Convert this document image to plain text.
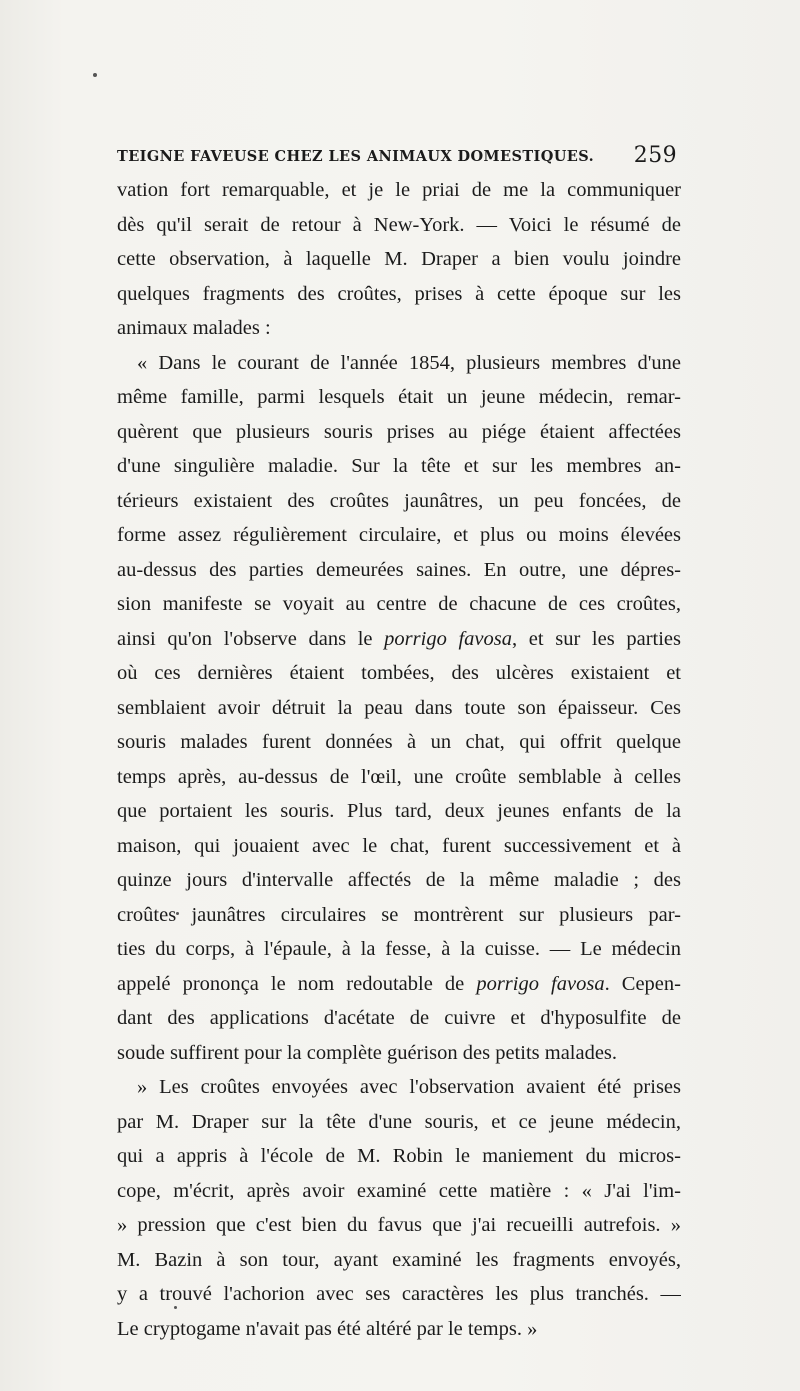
TEIGNE FAVEUSE CHEZ LES ANIMAUX DOMESTIQUES. 259
vation fort remarquable, et je le priai de me la communiquer
dès qu'il serait de retour à New-York. — Voici le résumé de
cette observation, à laquelle M. Draper a bien voulu joindre
quelques fragments des croûtes, prises à cette époque sur les
animaux malades :
« Dans le courant de l'année 1854, plusieurs membres d'une
même famille, parmi lesquels était un jeune médecin, remar-
quèrent que plusieurs souris prises au piége étaient affectées
d'une singulière maladie. Sur la tête et sur les membres an-
térieurs existaient des croûtes jaunâtres, un peu foncées, de
forme assez régulièrement circulaire, et plus ou moins élevées
au-dessus des parties demeurées saines. En outre, une dépres-
sion manifeste se voyait au centre de chacune de ces croûtes,
ainsi qu'on l'observe dans le porrigo favosa, et sur les parties
où ces dernières étaient tombées, des ulcères existaient et
semblaient avoir détruit la peau dans toute son épaisseur. Ces
souris malades furent données à un chat, qui offrit quelque
temps après, au-dessus de l'œil, une croûte semblable à celles
que portaient les souris. Plus tard, deux jeunes enfants de la
maison, qui jouaient avec le chat, furent successivement et à
quinze jours d'intervalle affectés de la même maladie ; des
croûtes jaunâtres circulaires se montrèrent sur plusieurs par-
ties du corps, à l'épaule, à la fesse, à la cuisse. — Le médecin
appelé prononça le nom redoutable de porrigo favosa. Cepen-
dant des applications d'acétate de cuivre et d'hyposulfite de
soude suffirent pour la complète guérison des petits malades.
» Les croûtes envoyées avec l'observation avaient été prises
par M. Draper sur la tête d'une souris, et ce jeune médecin,
qui a appris à l'école de M. Robin le maniement du micros-
cope, m'écrit, après avoir examiné cette matière : « J'ai l'im-
» pression que c'est bien du favus que j'ai recueilli autrefois. »
M. Bazin à son tour, ayant examiné les fragments envoyés,
y a trouvé l'achorion avec ses caractères les plus tranchés. —
Le cryptogame n'avait pas été altéré par le temps. »
